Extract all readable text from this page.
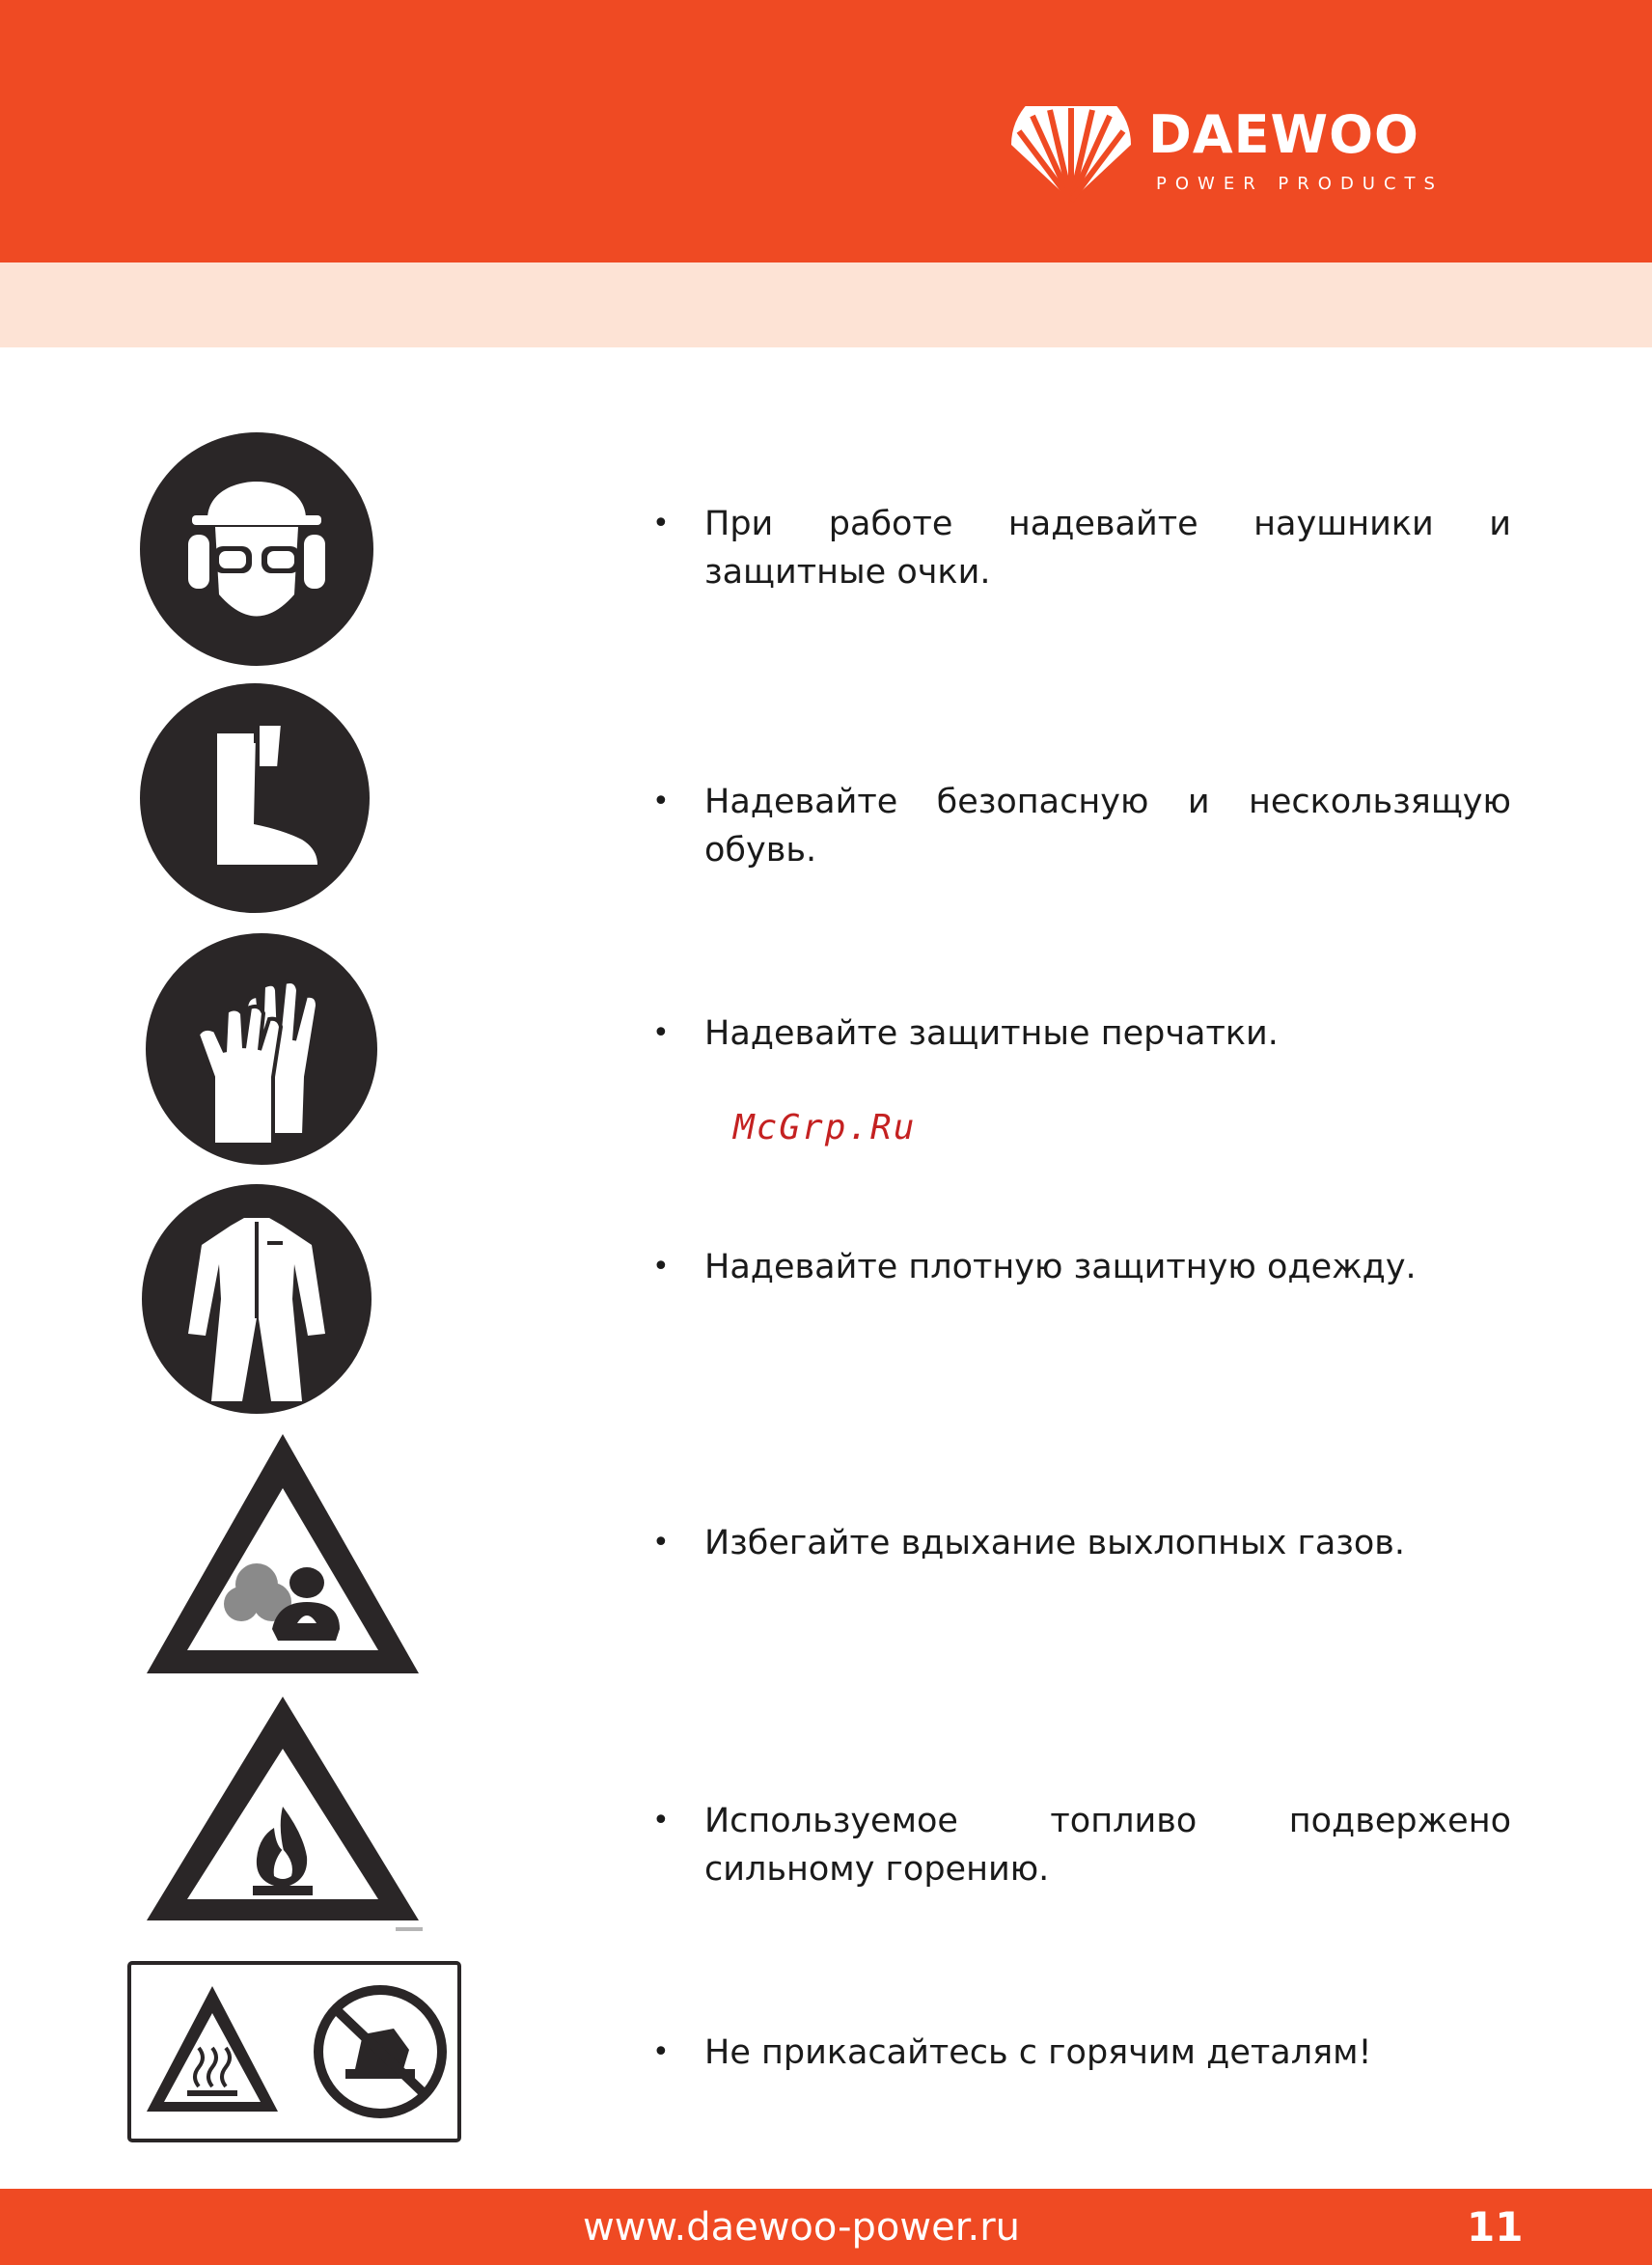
DAEWOO
POWER PRODUCTS
•	При работе надевайте наушники и защитные очки.
•	Надевайте безопасную и нескользящую обувь.
•	Надевайте защитные перчатки.
•	Надевайте плотную защитную одежду.
•	Избегайте вдыхание выхлопных газов.
•	Используемое топливо подвержено сильному горению.
•	Не прикасайтесь с горячим деталям!
McGrp.Ru
www.daewoo-power.ru	11
